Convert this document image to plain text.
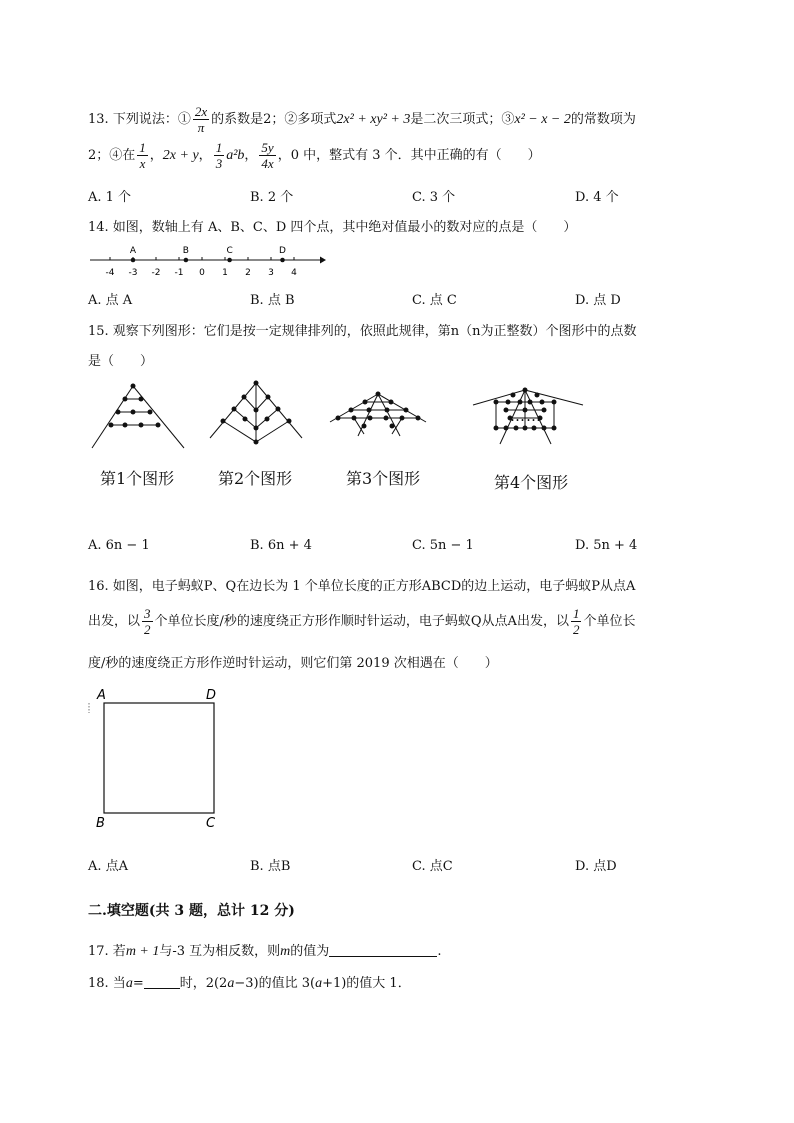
13. 下列说法：① $\frac{2x}{\pi}$ 的系数是2；②多项式2x² + xy² + 3是二次三项式；③x² − x − 2的常数项为
2；④在 $\frac{1}{x}$ ，2x + y， $\frac{1}{3} a^2b$， $\frac{5y}{4x}$ ，0 中，整式有 3 个．其中正确的有（　　）
A. 1 个	B. 2 个	C. 3 个	D. 4 个
14. 如图，数轴上有 A、B、C、D 四个点，其中绝对值最小的数对应的点是（　　）
-4 -3 -2 -1 0 1 2 3 4
A	B	C	D
A. 点 A	B. 点 B	C. 点 C	D. 点 D
15. 观察下列图形：它们是按一定规律排列的，依照此规律，第n（n为正整数）个图形中的点数
是（　　）
……
第1个图形	第2个图形	第3个图形	第4个图形
A. 6n − 1	B. 6n + 4	C. 5n − 1	D. 5n + 4
16. 如图，电子蚂蚁P、Q在边长为 1 个单位长度的正方形ABCD的边上运动，电子蚂蚁P从点A
出发，以 $\frac{3}{2}$ 个单位长度/秒的速度绕正方形作顺时针运动，电子蚂蚁Q从点A出发，以 $\frac{1}{2}$ 个单位长
度/秒的速度绕正方形作逆时针运动，则它们第 2019 次相遇在（　　）
A	D
B	C
A. 点A	B. 点B	C. 点C	D. 点D
二.填空题(共 3 题，总计 12 分)
17. 若m + 1与-3 互为相反数，则m的值为	.
18. 当a=	时，2(2a−3)的值比 3(a+1)的值大 1．
